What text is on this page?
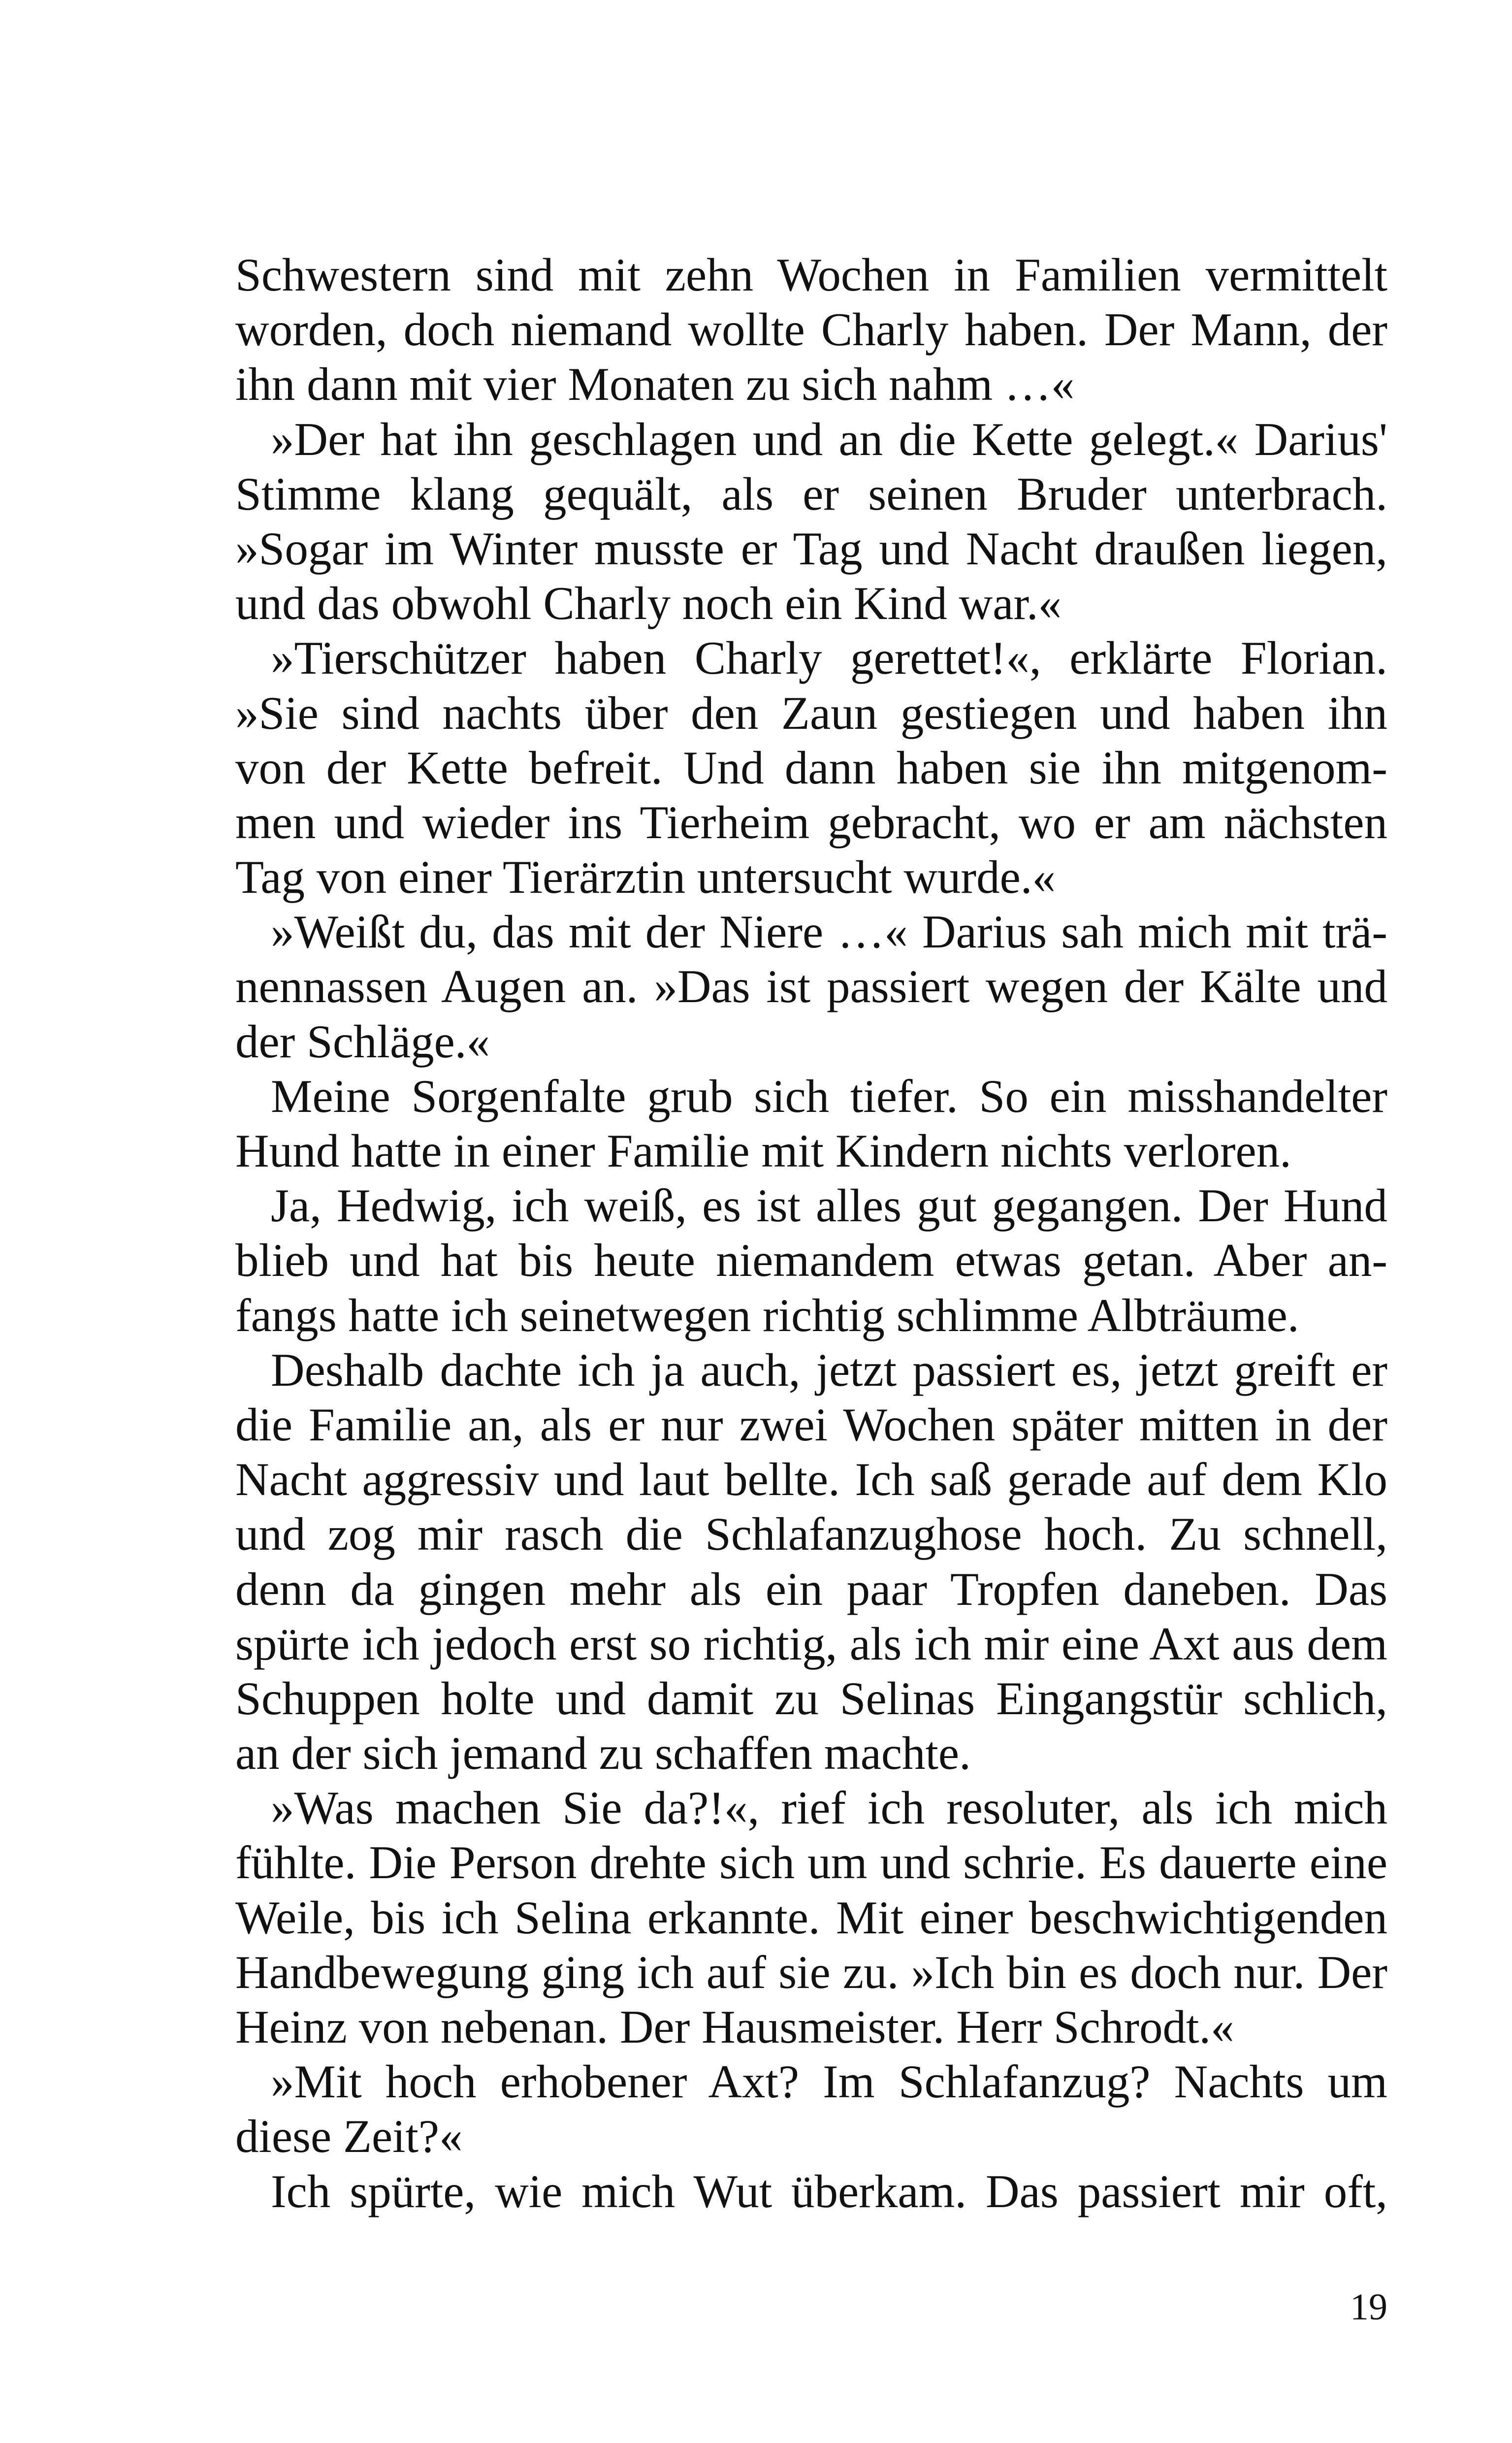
Schwestern sind mit zehn Wochen in Familien vermittelt
worden, doch niemand wollte Charly haben. Der Mann, der
ihn dann mit vier Monaten zu sich nahm …«
»Der hat ihn geschlagen und an die Kette gelegt.« Darius'
Stimme klang gequält, als er seinen Bruder unterbrach.
»Sogar im Winter musste er Tag und Nacht draußen liegen,
und das obwohl Charly noch ein Kind war.«
»Tierschützer haben Charly gerettet!«, erklärte Florian.
»Sie sind nachts über den Zaun gestiegen und haben ihn
von der Kette befreit. Und dann haben sie ihn mitgenom-
men und wieder ins Tierheim gebracht, wo er am nächsten
Tag von einer Tierärztin untersucht wurde.«
»Weißt du, das mit der Niere …« Darius sah mich mit trä-
nennassen Augen an. »Das ist passiert wegen der Kälte und
der Schläge.«
Meine Sorgenfalte grub sich tiefer. So ein misshandelter
Hund hatte in einer Familie mit Kindern nichts verloren.
Ja, Hedwig, ich weiß, es ist alles gut gegangen. Der Hund
blieb und hat bis heute niemandem etwas getan. Aber an-
fangs hatte ich seinetwegen richtig schlimme Albträume.
Deshalb dachte ich ja auch, jetzt passiert es, jetzt greift er
die Familie an, als er nur zwei Wochen später mitten in der
Nacht aggressiv und laut bellte. Ich saß gerade auf dem Klo
und zog mir rasch die Schlafanzughose hoch. Zu schnell,
denn da gingen mehr als ein paar Tropfen daneben. Das
spürte ich jedoch erst so richtig, als ich mir eine Axt aus dem
Schuppen holte und damit zu Selinas Eingangstür schlich,
an der sich jemand zu schaffen machte.
»Was machen Sie da?!«, rief ich resoluter, als ich mich
fühlte. Die Person drehte sich um und schrie. Es dauerte eine
Weile, bis ich Selina erkannte. Mit einer beschwichtigenden
Handbewegung ging ich auf sie zu. »Ich bin es doch nur. Der
Heinz von nebenan. Der Hausmeister. Herr Schrodt.«
»Mit hoch erhobener Axt? Im Schlafanzug? Nachts um
diese Zeit?«
Ich spürte, wie mich Wut überkam. Das passiert mir oft,
19
